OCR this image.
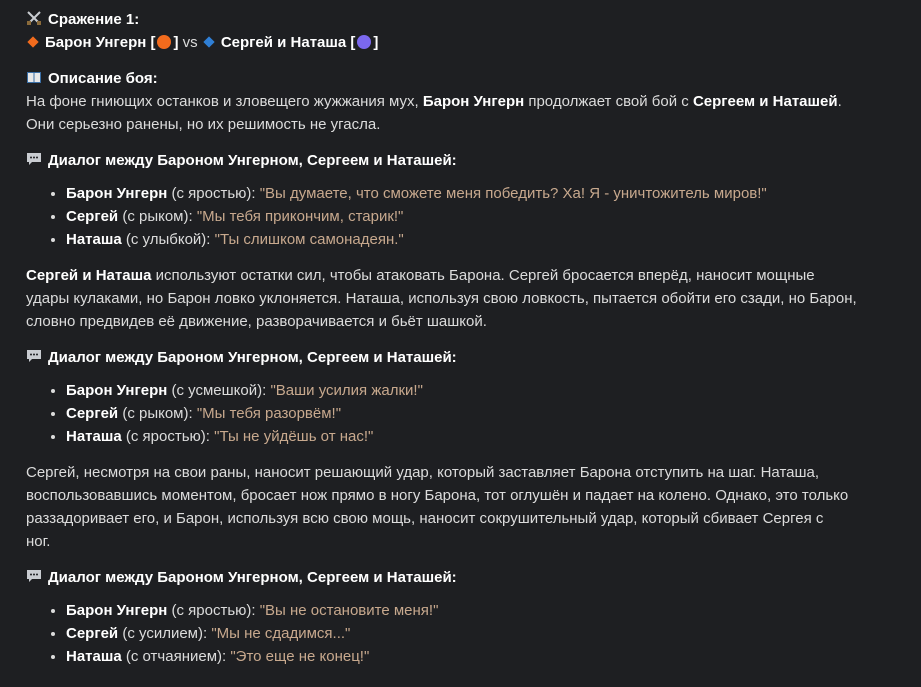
Сражение 1:
Барон Унгерн [ ] vs Сергей и Наташа [ ]
Описание боя:
На фоне гниющих останков и зловещего жужжания мух, Барон Унгерн продолжает свой бой с Сергеем и Наташей.
Они серьезно ранены, но их решимость не угасла.
Диалог между Бароном Унгерном, Сергеем и Наташей:
• Барон Унгерн (с яростью): "Вы думаете, что сможете меня победить? Ха! Я - уничтожитель миров!"
• Сергей (с рыком): "Мы тебя прикончим, старик!"
• Наташа (с улыбкой): "Ты слишком самонадеян."
Сергей и Наташа используют остатки сил, чтобы атаковать Барона. Сергей бросается вперёд, наносит мощные
удары кулаками, но Барон ловко уклоняется. Наташа, используя свою ловкость, пытается обойти его сзади, но Барон,
словно предвидев её движение, разворачивается и бьёт шашкой.
Диалог между Бароном Унгерном, Сергеем и Наташей:
• Барон Унгерн (с усмешкой): "Ваши усилия жалки!"
• Сергей (с рыком): "Мы тебя разорвём!"
• Наташа (с яростью): "Ты не уйдёшь от нас!"
Сергей, несмотря на свои раны, наносит решающий удар, который заставляет Барона отступить на шаг. Наташа,
воспользовавшись моментом, бросает нож прямо в ногу Барона, тот оглушён и падает на колено. Однако, это только
раззадоривает его, и Барон, используя всю свою мощь, наносит сокрушительный удар, который сбивает Сергея с
ног.
Диалог между Бароном Унгерном, Сергеем и Наташей:
• Барон Унгерн (с яростью): "Вы не остановите меня!"
• Сергей (с усилием): "Мы не сдадимся..."
• Наташа (с отчаянием): "Это еще не конец!"
